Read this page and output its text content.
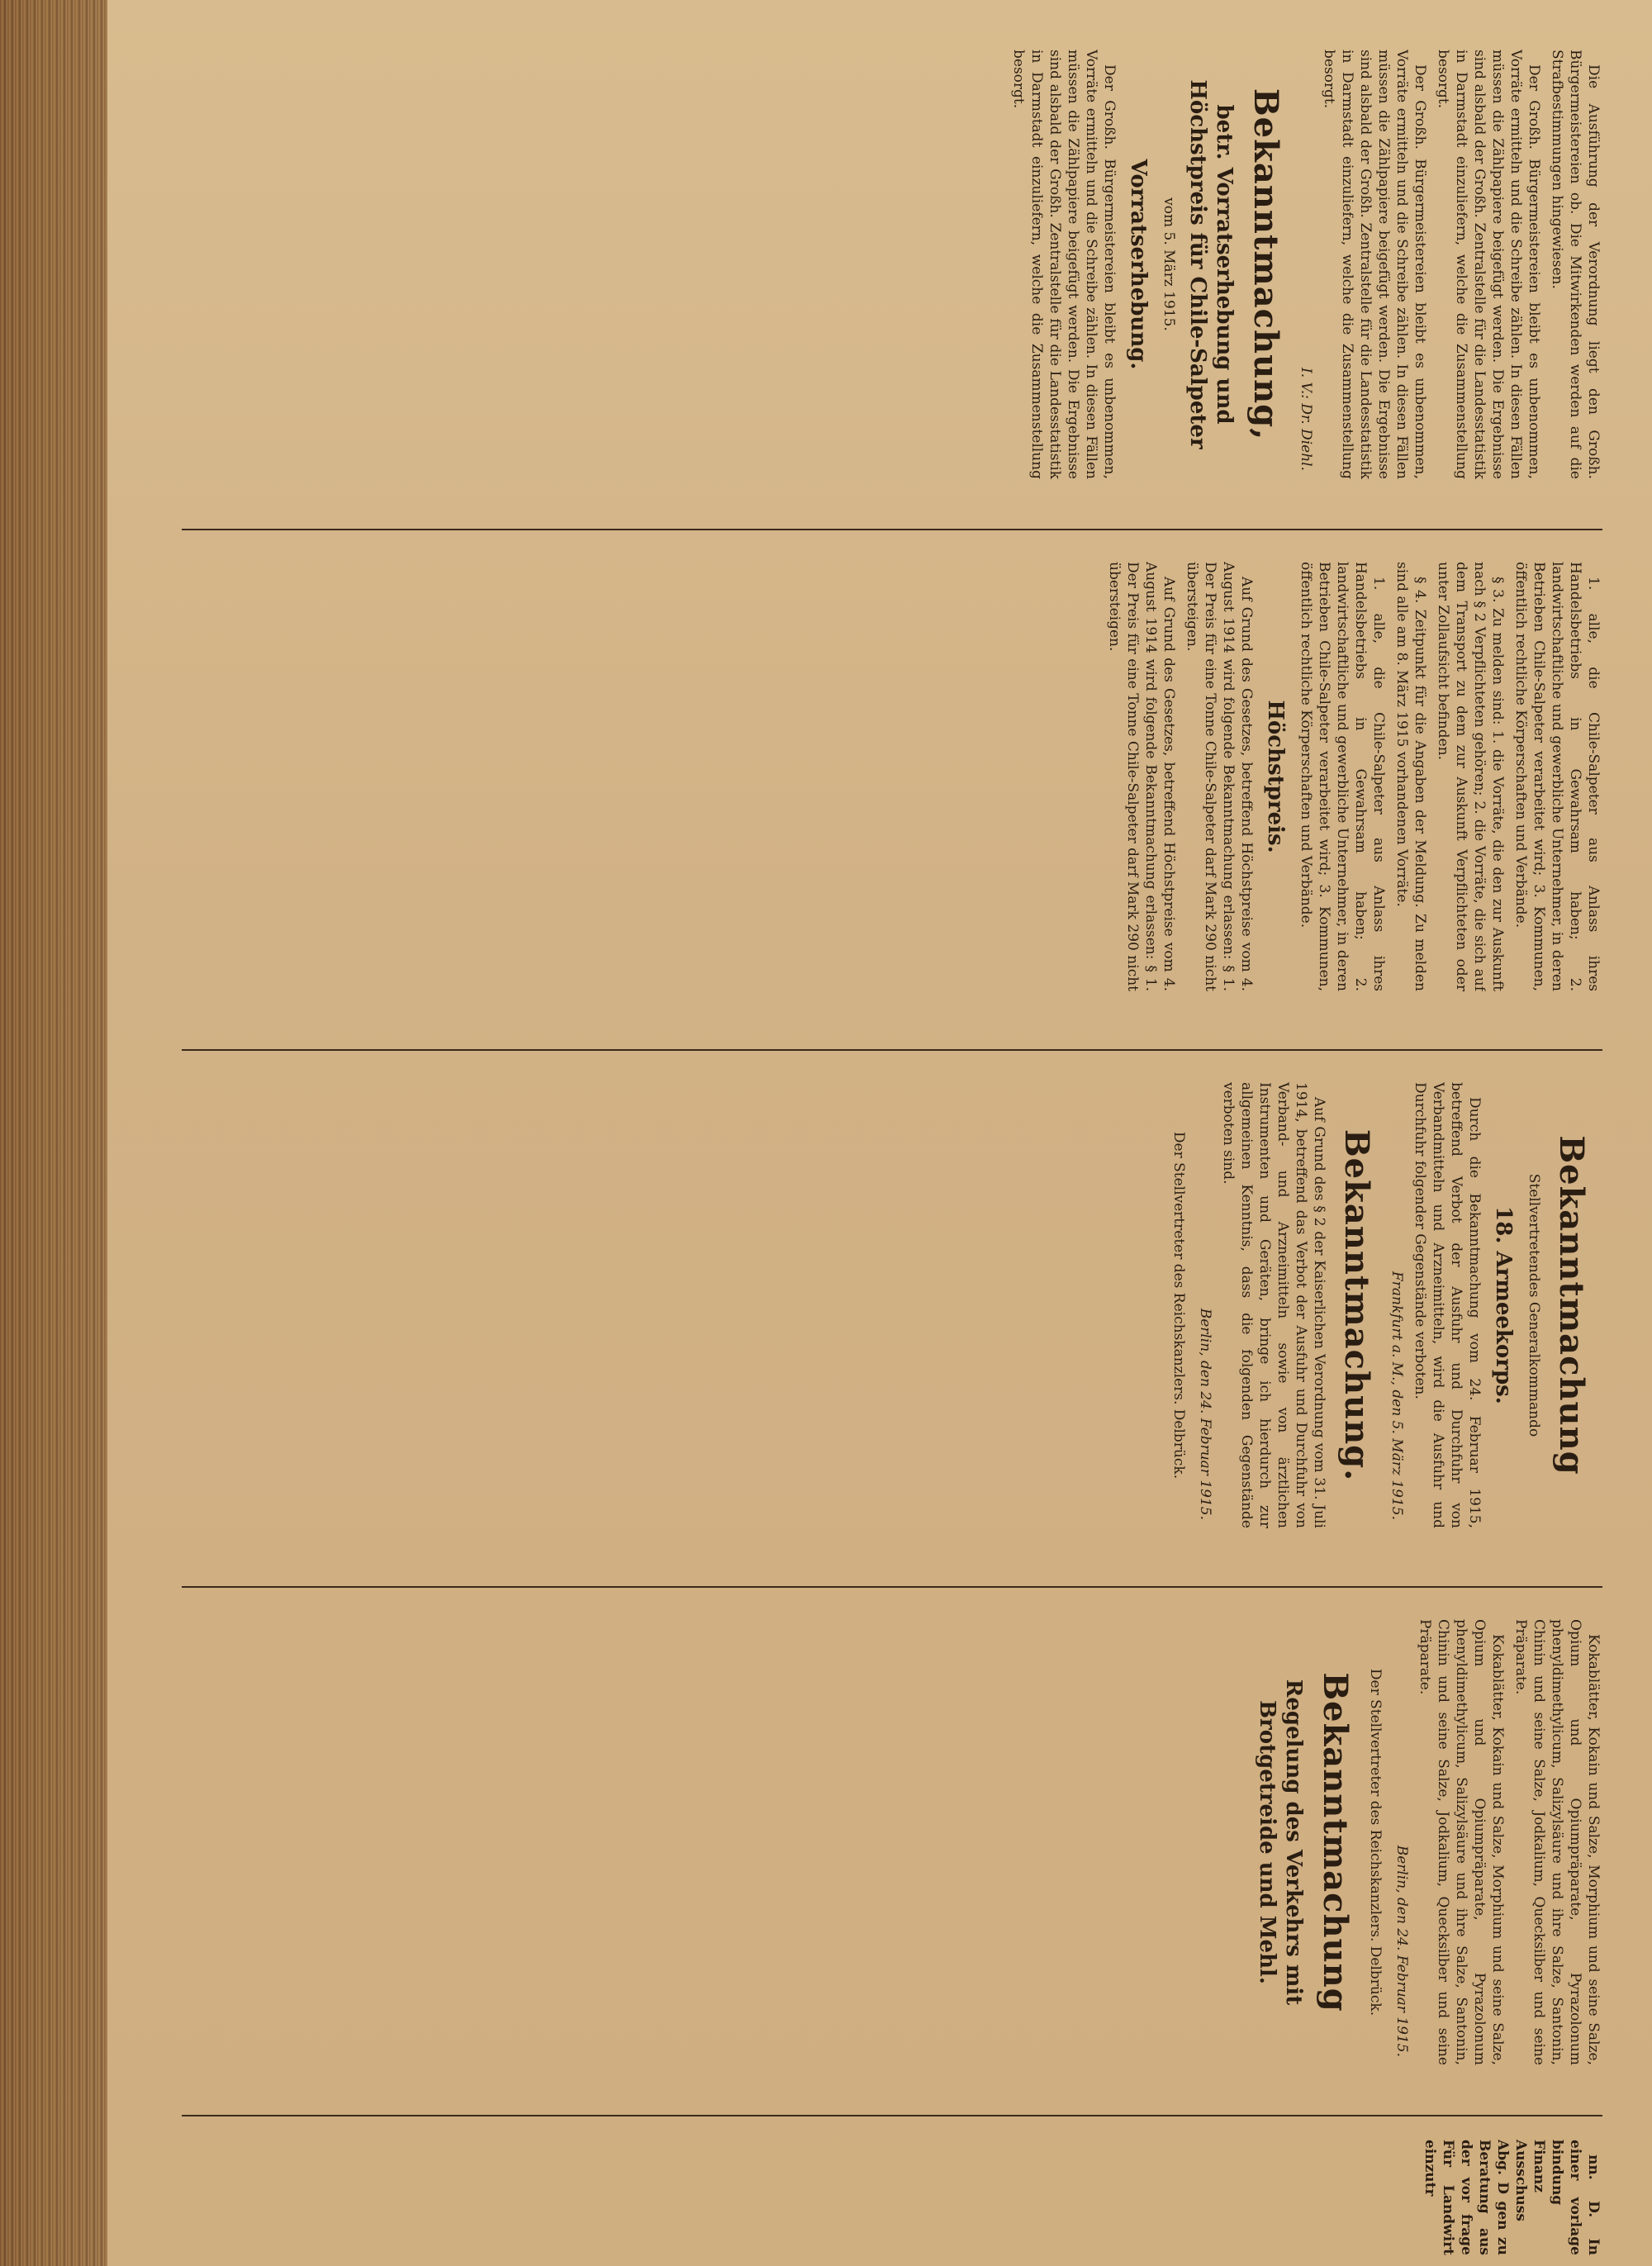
Die Ausführung der Verordnung liegt den Großh. Bürgermeistereien ob. Die Mitwirkenden werden auf die Strafbestimmungen hingewiesen.

Der Großh. Bürgermeistereien bleibt es unbenommen, Vorräte ermitteln und die Schreibe zählen. In diesen Fällen müssen die Zählpapiere beigefügt werden. Die Ergebnisse sind alsbald der Großh. Zentralstelle für die Landesstatistik in Darmstadt einzuliefern, welche die Zusammenstellung besorgt.

Der Großh. Bürgermeistereien bleibt es unbenommen, Vorräte ermitteln und die Schreibe zählen. In diesen Fällen müssen die Zählpapiere beigefügt werden. Die Ergebnisse sind alsbald der Großh. Zentralstelle für die Landesstatistik in Darmstadt einzuliefern, welche die Zusammenstellung besorgt.

I. V.: Dr. Diehl.
Bekanntmachung,
betr. Vorratserhebung und Höchstpreis für Chile-Salpeter
vom 5. März 1915.
Vorratserhebung.

Der Großh. Bürgermeistereien bleibt es unbenommen, Vorräte ermitteln und die Schreibe zählen. In diesen Fällen müssen die Zählpapiere beigefügt werden. Die Ergebnisse sind alsbald der Großh. Zentralstelle für die Landesstatistik in Darmstadt einzuliefern, welche die Zusammenstellung besorgt.

1. alle, die Chile-Salpeter aus Anlass ihres Handelsbetriebs in Gewahrsam haben; 2. landwirtschaftliche und gewerbliche Unternehmer, in deren Betrieben Chile-Salpeter verarbeitet wird; 3. Kommunen, öffentlich rechtliche Körperschaften und Verbände.

§ 3. Zu melden sind: 1. die Vorräte, die den zur Auskunft nach § 2 Verpflichteten gehören; 2. die Vorräte, die sich auf dem Transport zu dem zur Auskunft Verpflichteten oder unter Zollaufsicht befinden.

§ 4. Zeitpunkt für die Angaben der Meldung. Zu melden sind alle am 8. März 1915 vorhandenen Vorräte.

1. alle, die Chile-Salpeter aus Anlass ihres Handelsbetriebs in Gewahrsam haben; 2. landwirtschaftliche und gewerbliche Unternehmer, in deren Betrieben Chile-Salpeter verarbeitet wird; 3. Kommunen, öffentlich rechtliche Körperschaften und Verbände.

Höchstpreis.

Auf Grund des Gesetzes, betreffend Höchstpreise vom 4. August 1914 wird folgende Bekanntmachung erlassen: § 1. Der Preis für eine Tonne Chile-Salpeter darf Mark 290 nicht übersteigen.

Auf Grund des Gesetzes, betreffend Höchstpreise vom 4. August 1914 wird folgende Bekanntmachung erlassen: § 1. Der Preis für eine Tonne Chile-Salpeter darf Mark 290 nicht übersteigen.

Bekanntmachung
Stellvertretendes Generalkommando
18. Armeekorps.

Durch die Bekanntmachung vom 24. Februar 1915, betreffend Verbot der Ausfuhr und Durchfuhr von Verbandmitteln und Arzneimitteln, wird die Ausfuhr und Durchfuhr folgender Gegenstände verboten.

Frankfurt a. M., den 5. März 1915.
Bekanntmachung.

Auf Grund des § 2 der Kaiserlichen Verordnung vom 31. Juli 1914, betreffend das Verbot der Ausfuhr und Durchfuhr von Verband- und Arzneimitteln sowie von ärztlichen Instrumenten und Geräten, bringe ich hierdurch zur allgemeinen Kenntnis, dass die folgenden Gegenstände verboten sind.

Berlin, den 24. Februar 1915.
Der Stellvertreter des Reichskanzlers. Delbrück.

Kokablätter, Kokain und Salze, Morphium und seine Salze, Opium und Opiumpräparate, Pyrazolonum phenyldimethylicum, Salizylsäure und ihre Salze, Santonin, Chinin und seine Salze, Jodkalium, Quecksilber und seine Präparate.

Kokablätter, Kokain und Salze, Morphium und seine Salze, Opium und Opiumpräparate, Pyrazolonum phenyldimethylicum, Salizylsäure und ihre Salze, Santonin, Chinin und seine Salze, Jodkalium, Quecksilber und seine Präparate.

Berlin, den 24. Februar 1915.
Der Stellvertreter des Reichskanzlers. Delbrück.
Bekanntmachung
Regelung des Verkehrs mit Brotgetreide und Mehl.

nn. D. In einer vorlage bindung Finanz Ausschuss Abg. D gen zu Beratung aus der vor frage Für Landwirt einzutr
